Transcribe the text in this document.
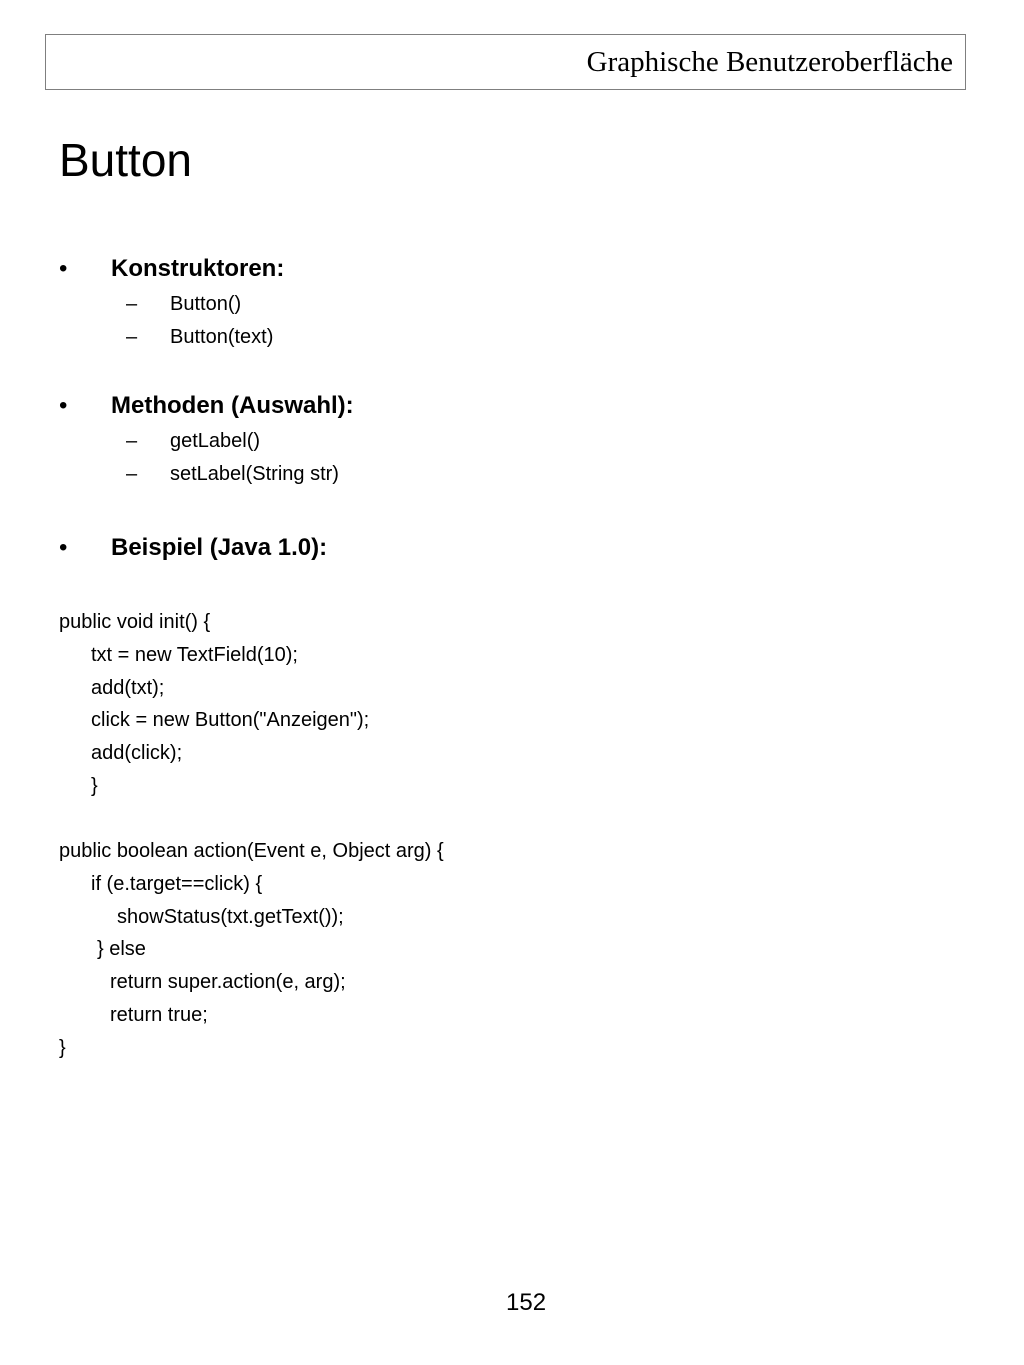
Graphische Benutzeroberfläche
Button
• Konstruktoren:
– Button()
– Button(text)
• Methoden (Auswahl):
– getLabel()
– setLabel(String str)
• Beispiel (Java 1.0):
public void init() {
txt = new TextField(10);
add(txt);
click = new Button("Anzeigen");
add(click);
}
public boolean action(Event e, Object arg) {
if (e.target==click) {
showStatus(txt.getText());
} else
return super.action(e, arg);
return true;
}
152
